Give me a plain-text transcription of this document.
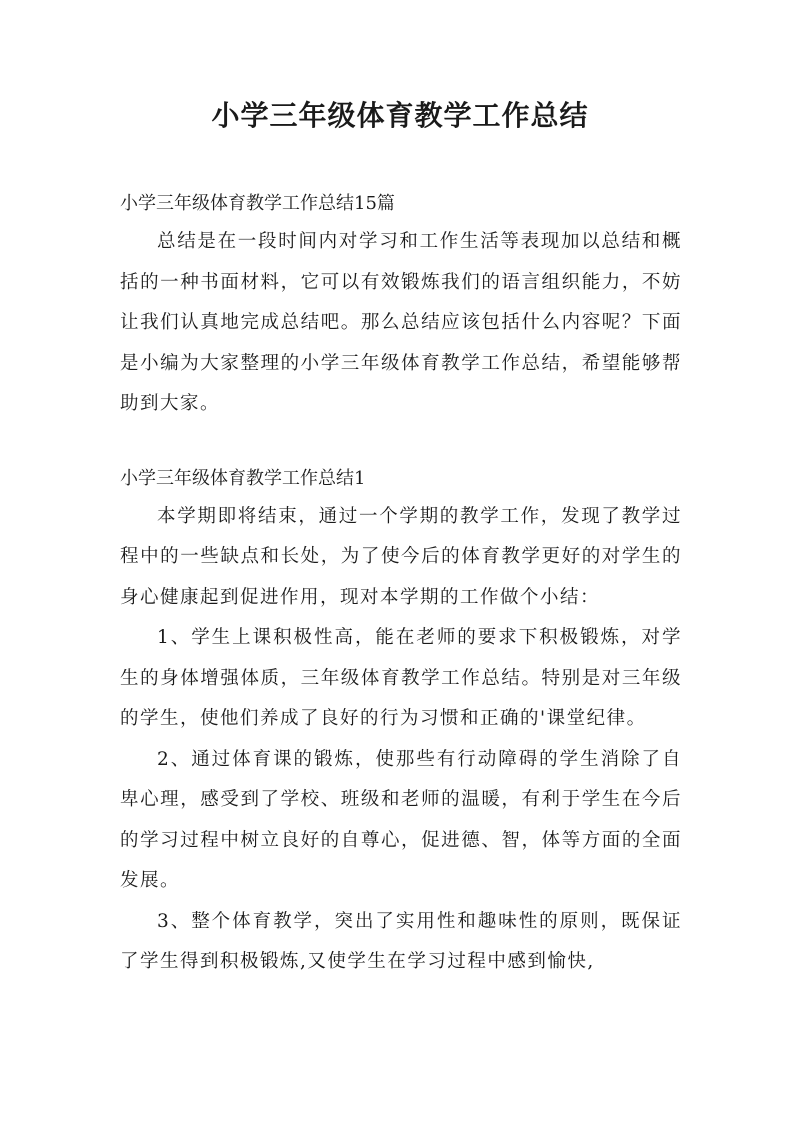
小学三年级体育教学工作总结

小学三年级体育教学工作总结15篇

总结是在一段时间内对学习和工作生活等表现加以总结和概括的一种书面材料，它可以有效锻炼我们的语言组织能力，不妨让我们认真地完成总结吧。那么总结应该包括什么内容呢？下面是小编为大家整理的小学三年级体育教学工作总结，希望能够帮助到大家。

小学三年级体育教学工作总结1

本学期即将结束，通过一个学期的教学工作，发现了教学过程中的一些缺点和长处，为了使今后的体育教学更好的对学生的身心健康起到促进作用，现对本学期的工作做个小结：

1、学生上课积极性高，能在老师的要求下积极锻炼，对学生的身体增强体质，三年级体育教学工作总结。特别是对三年级的学生，使他们养成了良好的行为习惯和正确的'课堂纪律。

2、通过体育课的锻炼，使那些有行动障碍的学生消除了自卑心理，感受到了学校、班级和老师的温暖，有利于学生在今后的学习过程中树立良好的自尊心，促进德、智，体等方面的全面发展。

3、整个体育教学，突出了实用性和趣味性的原则，既保证了学生得到积极锻炼,又使学生在学习过程中感到愉快,
